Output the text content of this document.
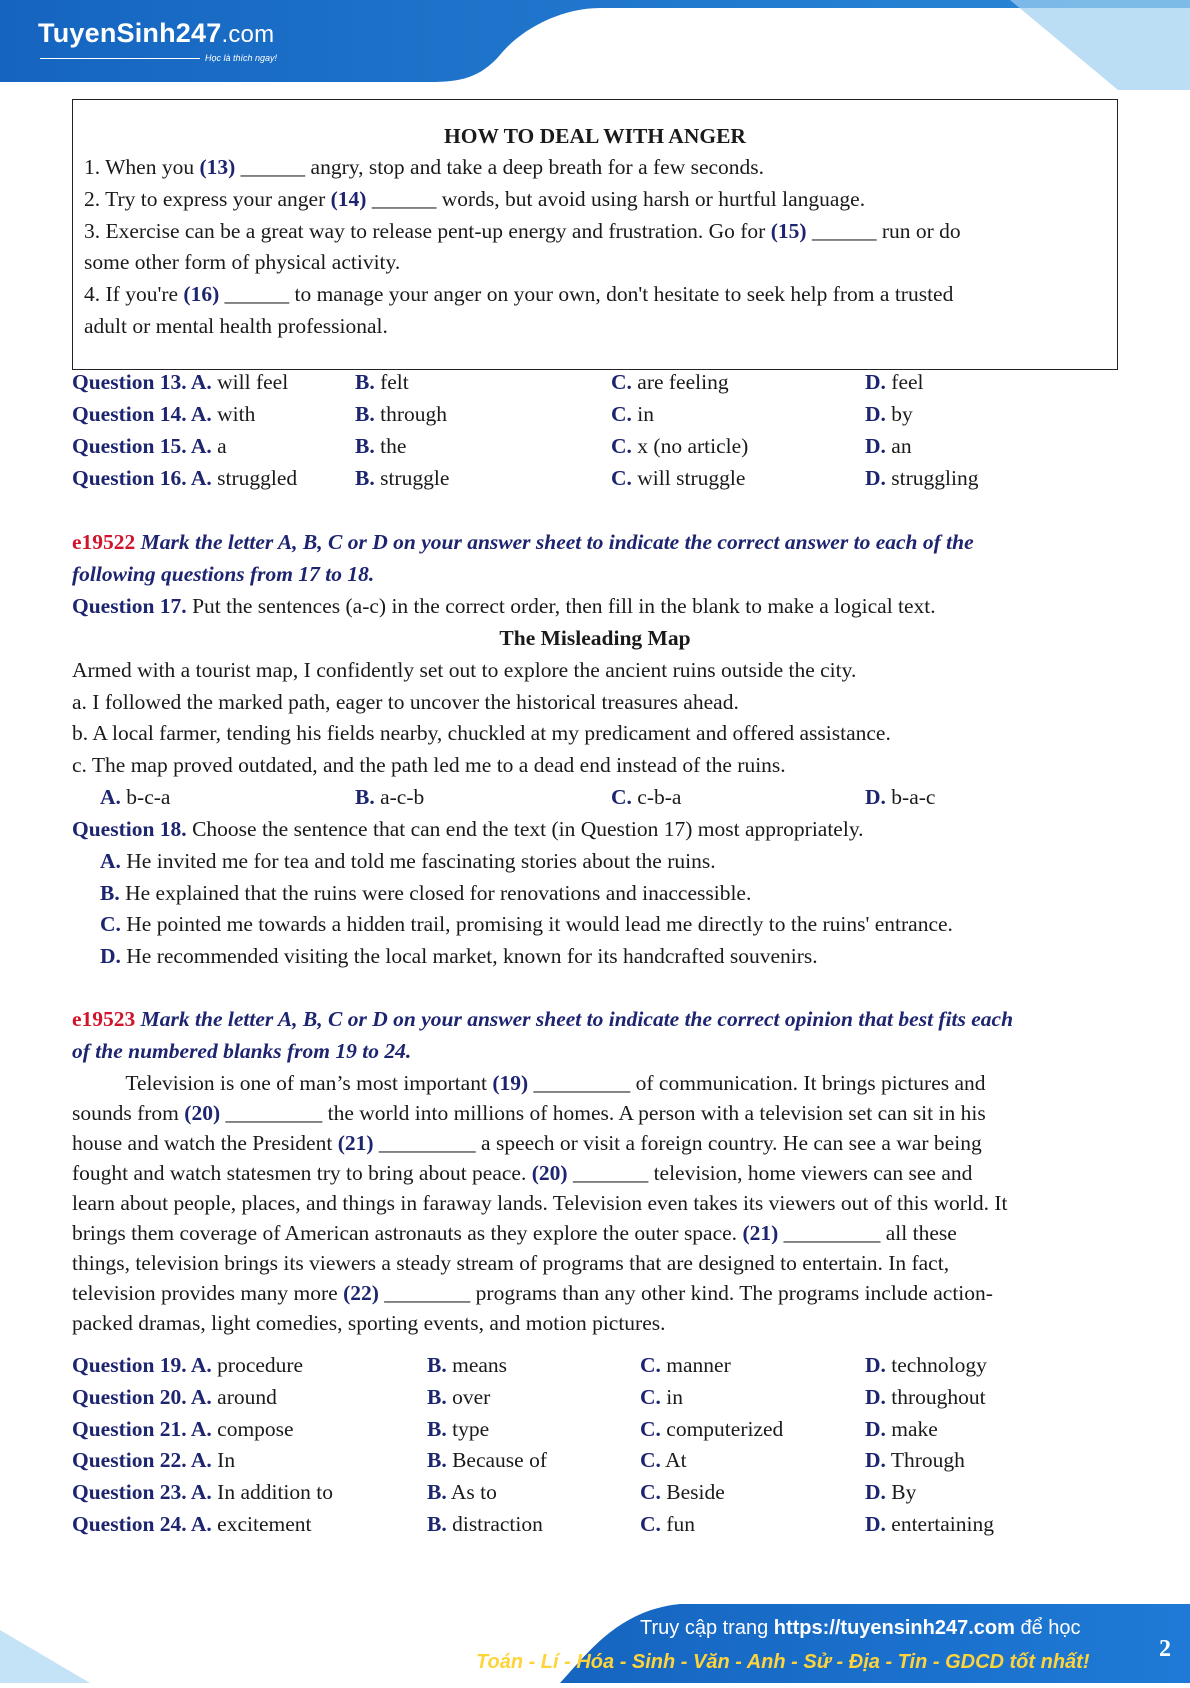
TuyenSinh247.com
Học là thích ngay!
HOW TO DEAL WITH ANGER
1. When you (13) ______ angry, stop and take a deep breath for a few seconds.
2. Try to express your anger (14) ______ words, but avoid using harsh or hurtful language.
3. Exercise can be a great way to release pent-up energy and frustration. Go for (15) ______ run or do
some other form of physical activity.
4. If you're (16) ______ to manage your anger on your own, don't hesitate to seek help from a trusted
adult or mental health professional.
Question 13. A. will feel	B. felt	C. are feeling	D. feel
Question 14. A. with	B. through	C. in	D. by
Question 15. A. a	B. the	C. x (no article)	D. an
Question 16. A. struggled	B. struggle	C. will struggle	D. struggling
e19522 Mark the letter A, B, C or D on your answer sheet to indicate the correct answer to each of the
following questions from 17 to 18.
Question 17. Put the sentences (a-c) in the correct order, then fill in the blank to make a logical text.
The Misleading Map
Armed with a tourist map, I confidently set out to explore the ancient ruins outside the city.
a. I followed the marked path, eager to uncover the historical treasures ahead.
b. A local farmer, tending his fields nearby, chuckled at my predicament and offered assistance.
c. The map proved outdated, and the path led me to a dead end instead of the ruins.
A. b-c-a	B. a-c-b	C. c-b-a	D. b-a-c
Question 18. Choose the sentence that can end the text (in Question 17) most appropriately.
A. He invited me for tea and told me fascinating stories about the ruins.
B. He explained that the ruins were closed for renovations and inaccessible.
C. He pointed me towards a hidden trail, promising it would lead me directly to the ruins' entrance.
D. He recommended visiting the local market, known for its handcrafted souvenirs.
e19523 Mark the letter A, B, C or D on your answer sheet to indicate the correct opinion that best fits each
of the numbered blanks from 19 to 24.
Television is one of man’s most important (19) _________ of communication. It brings pictures and
sounds from (20) _________ the world into millions of homes. A person with a television set can sit in his
house and watch the President (21) _________ a speech or visit a foreign country. He can see a war being
fought and watch statesmen try to bring about peace. (20) _______ television, home viewers can see and
learn about people, places, and things in faraway lands. Television even takes its viewers out of this world. It
brings them coverage of American astronauts as they explore the outer space. (21) _________ all these
things, television brings its viewers a steady stream of programs that are designed to entertain. In fact,
television provides many more (22) ________ programs than any other kind. The programs include action-
packed dramas, light comedies, sporting events, and motion pictures.
Question 19. A. procedure	B. means	C. manner	D. technology
Question 20. A. around	B. over	C. in	D. throughout
Question 21. A. compose	B. type	C. computerized	D. make
Question 22. A. In	B. Because of	C. At	D. Through
Question 23. A. In addition to	B. As to	C. Beside	D. By
Question 24. A. excitement	B. distraction	C. fun	D. entertaining
Truy cập trang https://tuyensinh247.com để học
Toán - Lí - Hóa - Sinh - Văn - Anh - Sử - Địa - Tin - GDCD tốt nhất!	2
